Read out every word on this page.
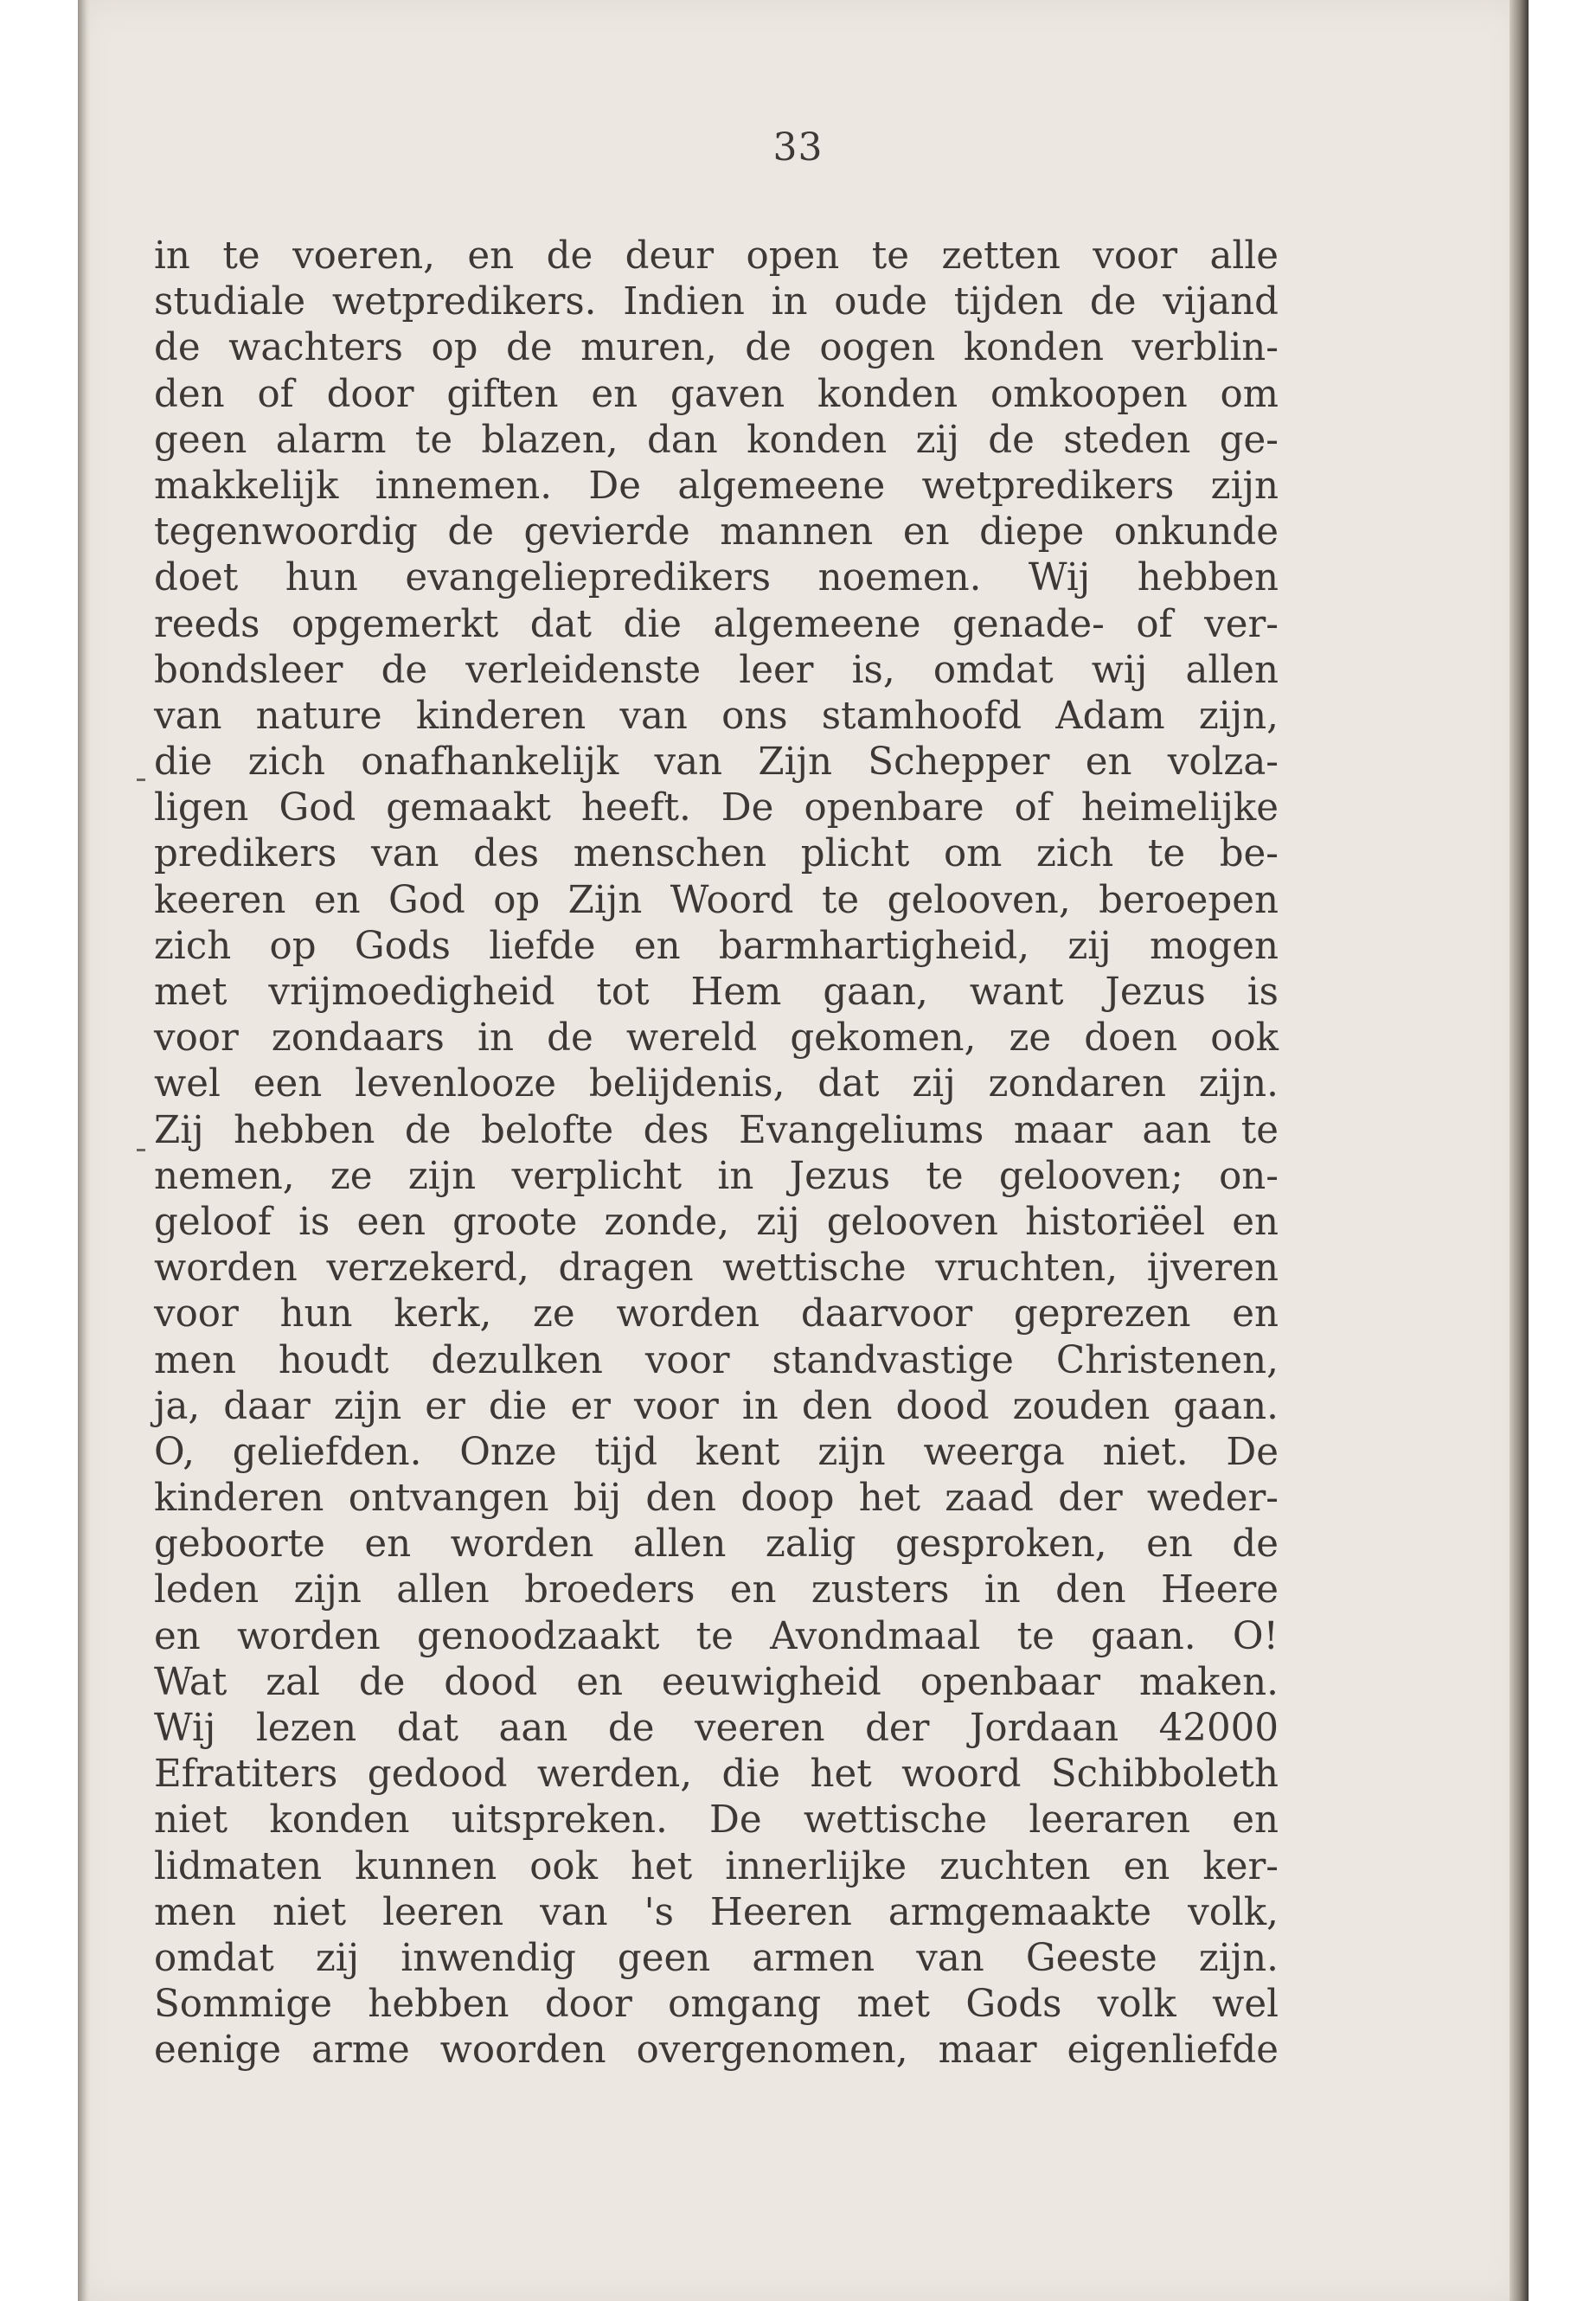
33
in te voeren, en de deur open te zetten voor alle
studiale wetpredikers. Indien in oude tijden de vijand
de wachters op de muren, de oogen konden verblin-
den of door giften en gaven konden omkoopen om
geen alarm te blazen, dan konden zij de steden ge-
makkelijk innemen. De algemeene wetpredikers zijn
tegenwoordig de gevierde mannen en diepe onkunde
doet hun evangeliepredikers noemen. Wij hebben
reeds opgemerkt dat die algemeene genade- of ver-
bondsleer de verleidenste leer is, omdat wij allen
van nature kinderen van ons stamhoofd Adam zijn,
die zich onafhankelijk van Zijn Schepper en volza-
ligen God gemaakt heeft. De openbare of heimelijke
predikers van des menschen plicht om zich te be-
keeren en God op Zijn Woord te gelooven, beroepen
zich op Gods liefde en barmhartigheid, zij mogen
met vrijmoedigheid tot Hem gaan, want Jezus is
voor zondaars in de wereld gekomen, ze doen ook
wel een levenlooze belijdenis, dat zij zondaren zijn.
Zij hebben de belofte des Evangeliums maar aan te
nemen, ze zijn verplicht in Jezus te gelooven; on-
geloof is een groote zonde, zij gelooven historiëel en
worden verzekerd, dragen wettische vruchten, ijveren
voor hun kerk, ze worden daarvoor geprezen en
men houdt dezulken voor standvastige Christenen,
ja, daar zijn er die er voor in den dood zouden gaan.
O, geliefden. Onze tijd kent zijn weerga niet. De
kinderen ontvangen bij den doop het zaad der weder-
geboorte en worden allen zalig gesproken, en de
leden zijn allen broeders en zusters in den Heere
en worden genoodzaakt te Avondmaal te gaan. O!
Wat zal de dood en eeuwigheid openbaar maken.
Wij lezen dat aan de veeren der Jordaan 42000
Efratiters gedood werden, die het woord Schibboleth
niet konden uitspreken. De wettische leeraren en
lidmaten kunnen ook het innerlijke zuchten en ker-
men niet leeren van 's Heeren armgemaakte volk,
omdat zij inwendig geen armen van Geeste zijn.
Sommige hebben door omgang met Gods volk wel
eenige arme woorden overgenomen, maar eigenliefde
